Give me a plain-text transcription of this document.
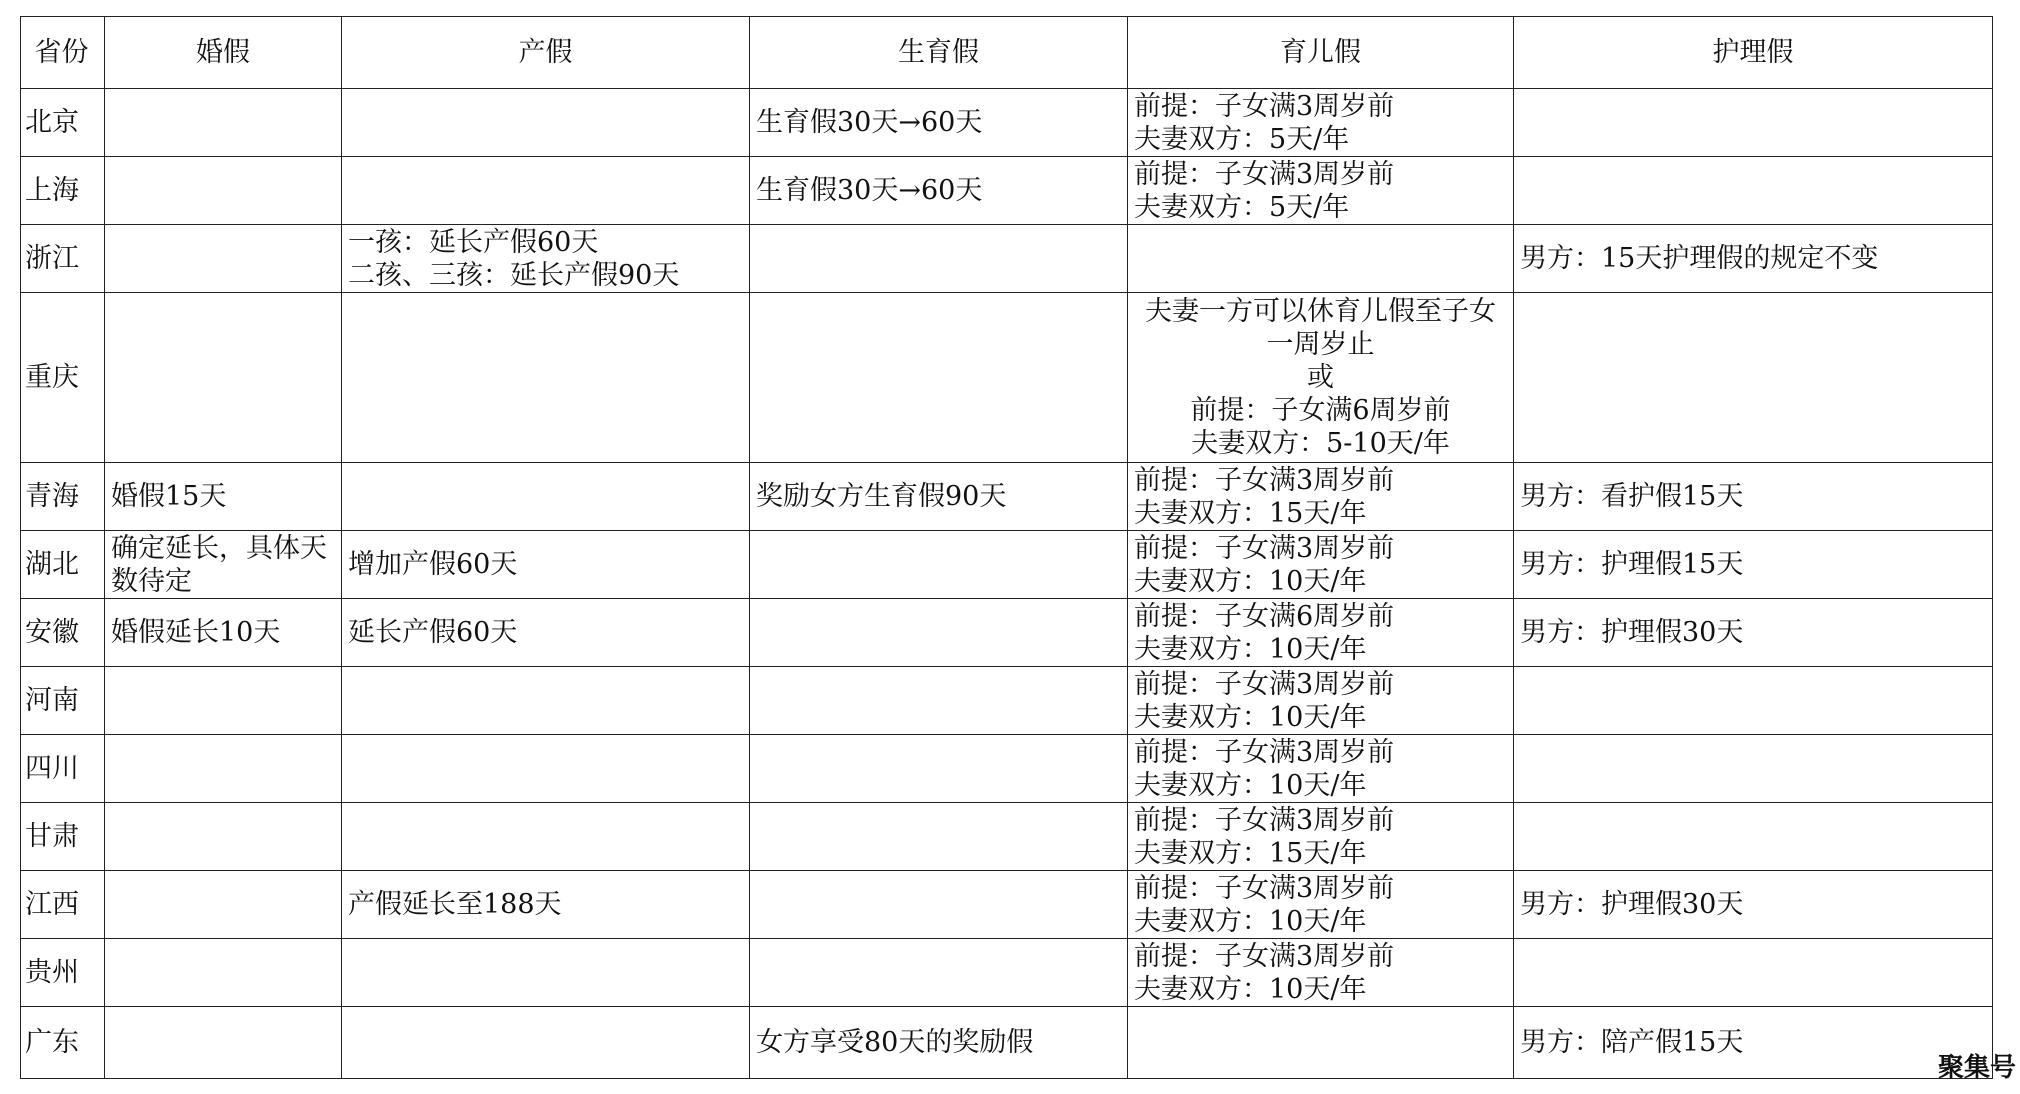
省份	婚假	产假	生育假	育儿假	护理假
北京			生育假30天→60天	前提：子女满3周岁前
夫妻双方：5天/年	

上海			生育假30天→60天	前提：子女满3周岁前
夫妻双方：5天/年	

浙江		一孩：延长产假60天
二孩、三孩：延长产假90天			男方：15天护理假的规定不变

重庆				夫妻一方可以休育儿假至子女
一周岁止
或
前提：子女满6周岁前
夫妻双方：5-10天/年	

青海	婚假15天		奖励女方生育假90天	前提：子女满3周岁前
夫妻双方：15天/年	男方：看护假15天

湖北	确定延长，具体天
数待定	增加产假60天		前提：子女满3周岁前
夫妻双方：10天/年	男方：护理假15天

安徽	婚假延长10天	延长产假60天		前提：子女满6周岁前
夫妻双方：10天/年	男方：护理假30天

河南				前提：子女满3周岁前
夫妻双方：10天/年	

四川				前提：子女满3周岁前
夫妻双方：10天/年	

甘肃				前提：子女满3周岁前
夫妻双方：15天/年	

江西		产假延长至188天		前提：子女满3周岁前
夫妻双方：10天/年	男方：护理假30天

贵州				前提：子女满3周岁前
夫妻双方：10天/年	

广东			女方享受80天的奖励假		男方：陪产假15天
聚集号
